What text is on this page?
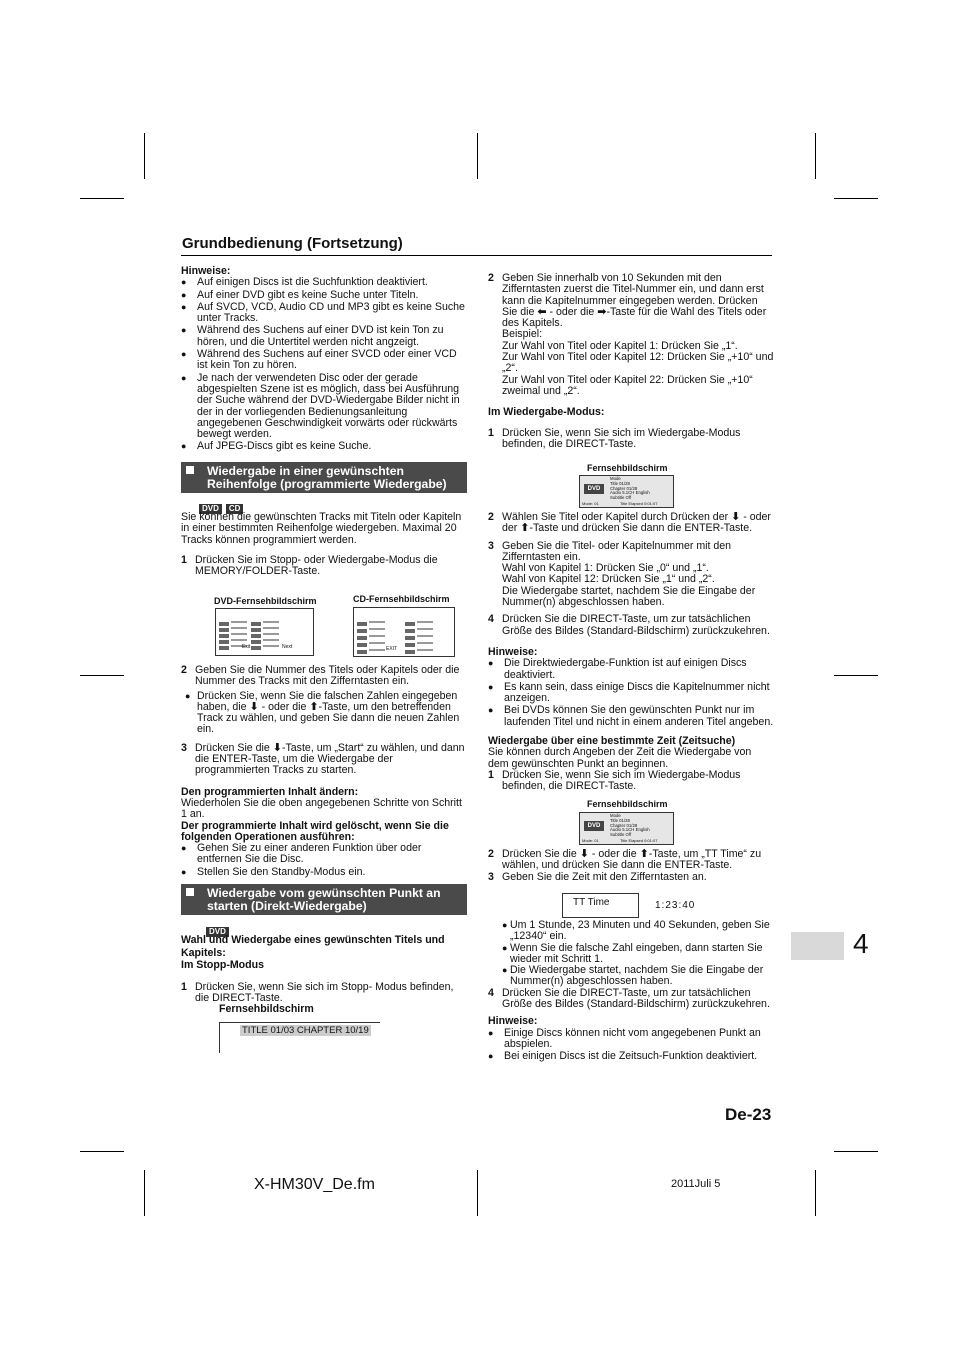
Grundbedienung (Fortsetzung)
Hinweise:
● Auf einigen Discs ist die Suchfunktion deaktiviert.
● Auf einer DVD gibt es keine Suche unter Titeln.
● Auf SVCD, VCD, Audio CD und MP3 gibt es keine Suche unter Tracks.
● Während des Suchens auf einer DVD ist kein Ton zu hören, und die Untertitel werden nicht angzeigt.
● Während des Suchens auf einer SVCD oder einer VCD ist kein Ton zu hören.
● Je nach der verwendeten Disc oder der gerade abgespielten Szene ist es möglich, dass bei Ausführung der Suche während der DVD-Wiedergabe Bilder nicht in der in der vorliegenden Bedienungsanleitung angegebenen Geschwindigkeit vorwärts oder rückwärts bewegt werden.
● Auf JPEG-Discs gibt es keine Suche.
Wiedergabe in einer gewünschten Reihenfolge (programmierte Wiedergabe)
DVD CD
Sie können die gewünschten Tracks mit Titeln oder Kapiteln in einer bestimmten Reihenfolge wiedergeben. Maximal 20 Tracks können programmiert werden.
1 Drücken Sie im Stopp- oder Wiedergabe-Modus die MEMORY/FOLDER-Taste.
DVD-Fernsehbildschirm
Exit	Next
CD-Fernsehbildschirm
EXIT
2 Geben Sie die Nummer des Titels oder Kapitels oder die Nummer des Tracks mit den Zifferntasten ein.
● Drücken Sie, wenn Sie die falschen Zahlen eingegeben haben, die ⬇ - oder die ⬆-Taste, um den betreffenden Track zu wählen, und geben Sie dann die neuen Zahlen ein.
3 Drücken Sie die ⬇-Taste, um „Start“ zu wählen, und dann die ENTER-Taste, um die Wiedergabe der programmierten Tracks zu starten.
Den programmierten Inhalt ändern:
Wiederholen Sie die oben angegebenen Schritte von Schritt 1 an.
Der programmierte Inhalt wird gelöscht, wenn Sie die folgenden Operationen ausführen:
● Gehen Sie zu einer anderen Funktion über oder entfernen Sie die Disc.
● Stellen Sie den Standby-Modus ein.
Wiedergabe vom gewünschten Punkt an starten (Direkt-Wiedergabe)
DVD
Wahl und Wiedergabe eines gewünschten Titels und Kapitels:
Im Stopp-Modus
1 Drücken Sie, wenn Sie sich im Stopp- Modus befinden, die DIRECT-Taste.
Fernsehbildschirm
TITLE 01/03 CHAPTER 10/19
2 Geben Sie innerhalb von 10 Sekunden mit den Zifferntasten zuerst die Titel-Nummer ein, und dann erst kann die Kapitelnummer eingegeben werden. Drücken Sie die ⬅ - oder die ➡-Taste für die Wahl des Titels oder des Kapitels.
Beispiel:
Zur Wahl von Titel oder Kapitel 1: Drücken Sie „1“.
Zur Wahl von Titel oder Kapitel 12: Drücken Sie „+10“ und „2“.
Zur Wahl von Titel oder Kapitel 22: Drücken Sie „+10“ zweimal und „2“.
Im Wiedergabe-Modus:
1 Drücken Sie, wenn Sie sich im Wiedergabe-Modus befinden, die DIRECT-Taste.
Fernsehbildschirm
DVD
Mode
Title 01/28
Chapter 01/28
Audio 5.1CH English
Subtitle Off
Mode: 01	Title Elapsed 0:01:07
2 Wählen Sie Titel oder Kapitel durch Drücken der ⬇ - oder der ⬆-Taste und drücken Sie dann die ENTER-Taste.
3 Geben Sie die Titel- oder Kapitelnummer mit den Zifferntasten ein.
Wahl von Kapitel 1: Drücken Sie „0“ und „1“.
Wahl von Kapitel 12: Drücken Sie „1“ und „2“.
Die Wiedergabe startet, nachdem Sie die Eingabe der Nummer(n) abgeschlossen haben.
4 Drücken Sie die DIRECT-Taste, um zur tatsächlichen Größe des Bildes (Standard-Bildschirm) zurückzukehren.
Hinweise:
● Die Direktwiedergabe-Funktion ist auf einigen Discs deaktiviert.
● Es kann sein, dass einige Discs die Kapitelnummer nicht anzeigen.
● Bei DVDs können Sie den gewünschten Punkt nur im laufenden Titel und nicht in einem anderen Titel angeben.
Wiedergabe über eine bestimmte Zeit (Zeitsuche)
Sie können durch Angeben der Zeit die Wiedergabe von dem gewünschten Punkt an beginnen.
1 Drücken Sie, wenn Sie sich im Wiedergabe-Modus befinden, die DIRECT-Taste.
Fernsehbildschirm
DVD
Mode
Title 01/28
Chapter 01/28
Audio 5.1CH English
Subtitle Off
Mode: 01	Title Elapsed 0:01:07
2 Drücken Sie die ⬇ - oder die ⬆-Taste, um „TT Time“ zu wählen, und drücken Sie dann die ENTER-Taste.
3 Geben Sie die Zeit mit den Zifferntasten an.
TT Time	1:23:40
● Um 1 Stunde, 23 Minuten und 40 Sekunden, geben Sie „12340“ ein.
● Wenn Sie die falsche Zahl eingeben, dann starten Sie wieder mit Schritt 1.
● Die Wiedergabe startet, nachdem Sie die Eingabe der Nummer(n) abgeschlossen haben.
4 Drücken Sie die DIRECT-Taste, um zur tatsächlichen Größe des Bildes (Standard-Bildschirm) zurückzukehren.
Hinweise:
● Einige Discs können nicht vom angegebenen Punkt an abspielen.
● Bei einigen Discs ist die Zeitsuch-Funktion deaktiviert.
4
De-23
X-HM30V_De.fm	2011Juli 5
